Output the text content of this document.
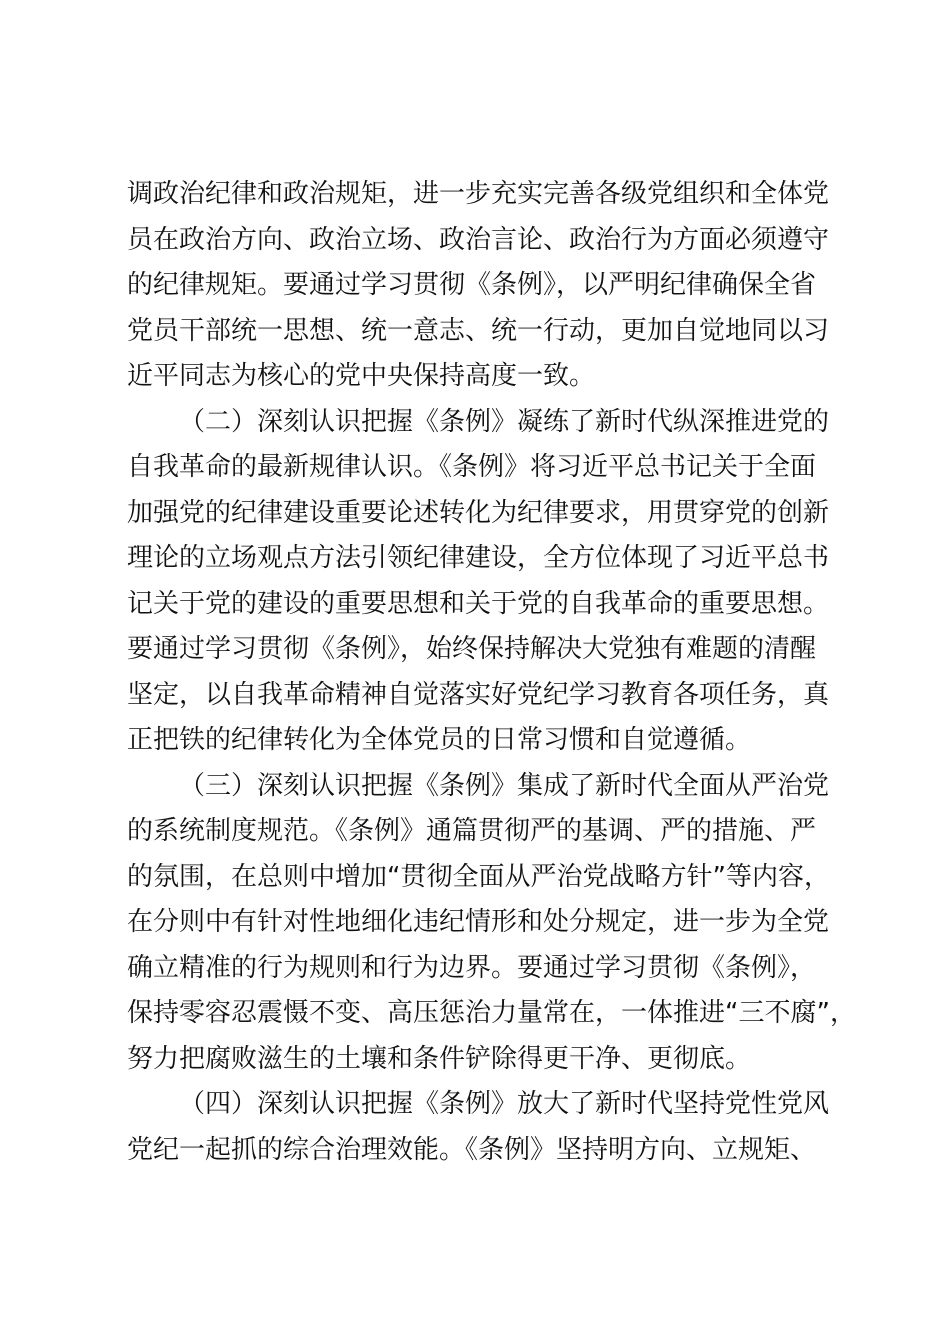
调政治纪律和政治规矩，进一步充实完善各级党组织和全体党
员在政治方向、政治立场、政治言论、政治行为方面必须遵守
的纪律规矩。要通过学习贯彻《条例》，以严明纪律确保全省
党员干部统一思想、统一意志、统一行动，更加自觉地同以习
近平同志为核心的党中央保持高度一致。
（二）深刻认识把握《条例》凝练了新时代纵深推进党的
自我革命的最新规律认识。《条例》将习近平总书记关于全面
加强党的纪律建设重要论述转化为纪律要求，用贯穿党的创新
理论的立场观点方法引领纪律建设，全方位体现了习近平总书
记关于党的建设的重要思想和关于党的自我革命的重要思想。
要通过学习贯彻《条例》，始终保持解决大党独有难题的清醒
坚定，以自我革命精神自觉落实好党纪学习教育各项任务，真
正把铁的纪律转化为全体党员的日常习惯和自觉遵循。
（三）深刻认识把握《条例》集成了新时代全面从严治党
的系统制度规范。《条例》通篇贯彻严的基调、严的措施、严
的氛围，在总则中增加“贯彻全面从严治党战略方针”等内容，
在分则中有针对性地细化违纪情形和处分规定，进一步为全党
确立精准的行为规则和行为边界。要通过学习贯彻《条例》，
保持零容忍震慑不变、高压惩治力量常在，一体推进“三不腐”，
努力把腐败滋生的土壤和条件铲除得更干净、更彻底。
（四）深刻认识把握《条例》放大了新时代坚持党性党风
党纪一起抓的综合治理效能。《条例》坚持明方向、立规矩、
